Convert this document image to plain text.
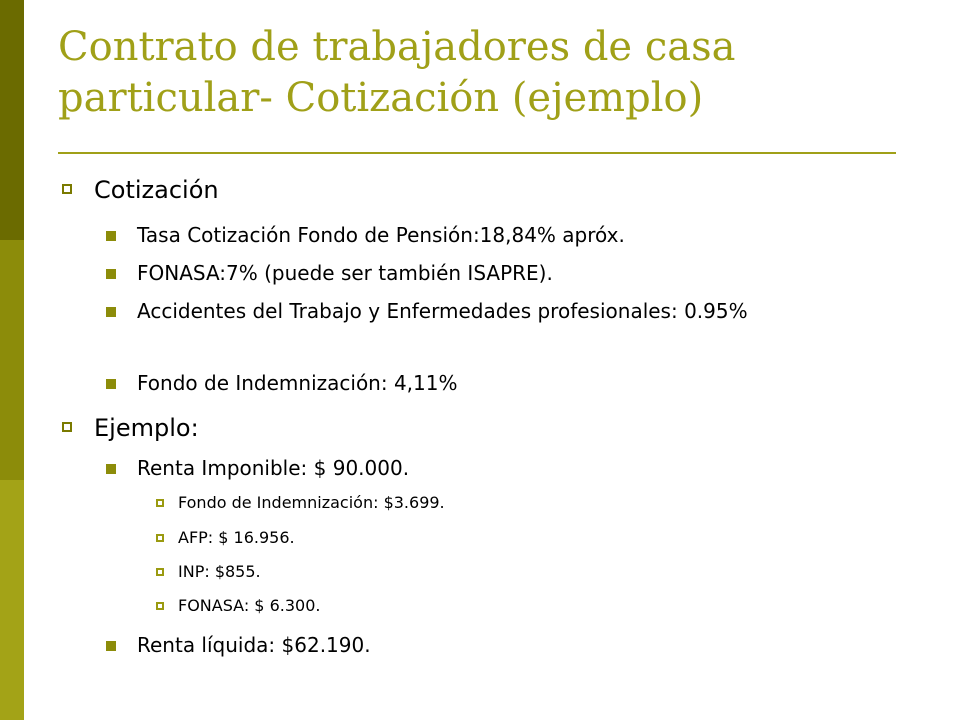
Contrato de trabajadores de casa particular- Cotización (ejemplo)
Cotización
Tasa Cotización Fondo de Pensión:18,84% apróx.
FONASA:7% (puede ser también ISAPRE).
Accidentes del Trabajo y Enfermedades profesionales: 0.95%
Fondo de Indemnización: 4,11%
Ejemplo:
Renta Imponible: $ 90.000.
Fondo de Indemnización: $3.699.
AFP: $ 16.956.
INP: $855.
FONASA: $ 6.300.
Renta líquida: $62.190.
